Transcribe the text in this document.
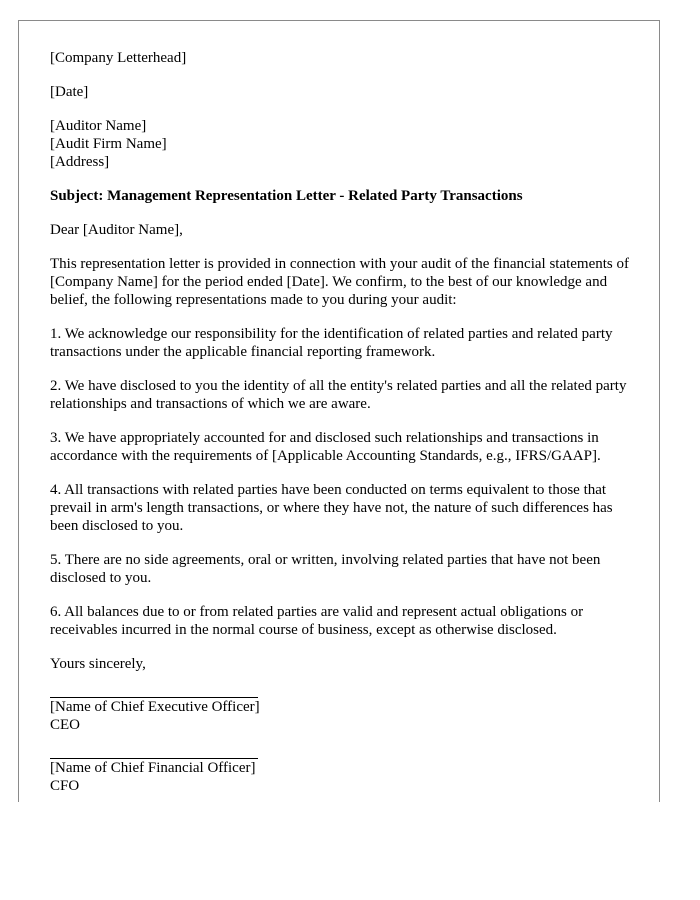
[Company Letterhead]

[Date]

[Auditor Name]
[Audit Firm Name]
[Address]

Subject: Management Representation Letter - Related Party Transactions

Dear [Auditor Name],

This representation letter is provided in connection with your audit of the financial statements of [Company Name] for the period ended [Date]. We confirm, to the best of our knowledge and belief, the following representations made to you during your audit:

1. We acknowledge our responsibility for the identification of related parties and related party transactions under the applicable financial reporting framework.

2. We have disclosed to you the identity of all the entity's related parties and all the related party relationships and transactions of which we are aware.

3. We have appropriately accounted for and disclosed such relationships and transactions in accordance with the requirements of [Applicable Accounting Standards, e.g., IFRS/GAAP].

4. All transactions with related parties have been conducted on terms equivalent to those that prevail in arm's length transactions, or where they have not, the nature of such differences has been disclosed to you.

5. There are no side agreements, oral or written, involving related parties that have not been disclosed to you.

6. All balances due to or from related parties are valid and represent actual obligations or receivables incurred in the normal course of business, except as otherwise disclosed.

Yours sincerely,

[Name of Chief Executive Officer]
CEO
[Name of Chief Financial Officer]
CFO
